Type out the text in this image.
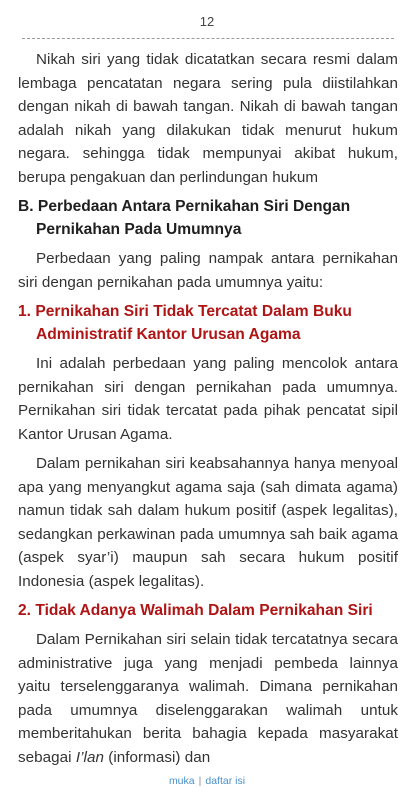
12

Nikah siri yang tidak dicatatkan secara resmi dalam lembaga pencatatan negara sering pula diistilahkan dengan nikah di bawah tangan. Nikah di bawah tangan adalah nikah yang dilakukan tidak menurut hukum negara. sehingga tidak mempunyai akibat hukum, berupa pengakuan dan perlindungan hukum

B. Perbedaan Antara Pernikahan Siri Dengan Pernikahan Pada Umumnya

Perbedaan yang paling nampak antara pernikahan siri dengan pernikahan pada umumnya yaitu:

1. Pernikahan Siri Tidak Tercatat Dalam Buku Administratif Kantor Urusan Agama

Ini adalah perbedaan yang paling mencolok antara pernikahan siri dengan pernikahan pada umumnya. Pernikahan siri tidak tercatat pada pihak pencatat sipil Kantor Urusan Agama.

Dalam pernikahan siri keabsahannya hanya menyoal apa yang menyangkut agama saja (sah dimata agama) namun tidak sah dalam hukum positif (aspek legalitas), sedangkan perkawinan pada umumnya sah baik agama (aspek syar’i) maupun sah secara hukum positif Indonesia (aspek legalitas).

2. Tidak Adanya Walimah Dalam Pernikahan Siri

Dalam Pernikahan siri selain tidak tercatatnya secara administrative juga yang menjadi pembeda lainnya yaitu terselenggaranya walimah. Dimana pernikahan pada umumnya diselenggarakan walimah untuk memberitahukan berita bahagia kepada masyarakat sebagai I’lan (informasi) dan

muka | daftar isi
